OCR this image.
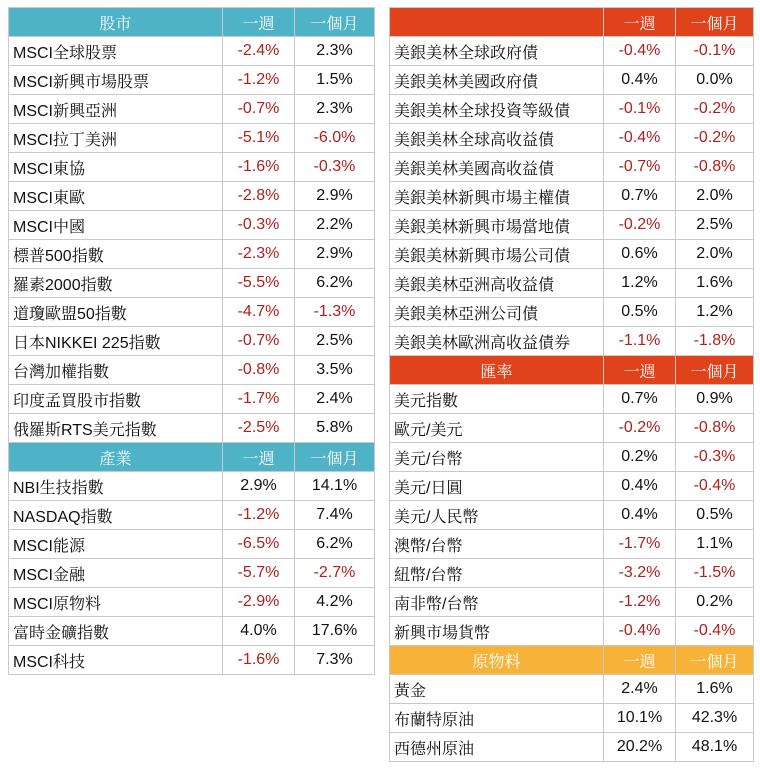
股市	一週	一個月
MSCI全球股票	-2.4%	2.3%
MSCI新興市場股票	-1.2%	1.5%
MSCI新興亞洲	-0.7%	2.3%
MSCI拉丁美洲	-5.1%	-6.0%
MSCI東協	-1.6%	-0.3%
MSCI東歐	-2.8%	2.9%
MSCI中國	-0.3%	2.2%
標普500指數	-2.3%	2.9%
羅素2000指數	-5.5%	6.2%
道瓊歐盟50指數	-4.7%	-1.3%
日本NIKKEI 225指數	-0.7%	2.5%
台灣加權指數	-0.8%	3.5%
印度孟買股市指數	-1.7%	2.4%
俄羅斯RTS美元指數	-2.5%	5.8%
產業	一週	一個月
NBI生技指數	2.9%	14.1%
NASDAQ指數	-1.2%	7.4%
MSCI能源	-6.5%	6.2%
MSCI金融	-5.7%	-2.7%
MSCI原物料	-2.9%	4.2%
富時金礦指數	4.0%	17.6%
MSCI科技	-1.6%	7.3%
	一週	一個月
美銀美林全球政府債	-0.4%	-0.1%
美銀美林美國政府債	0.4%	0.0%
美銀美林全球投資等級債	-0.1%	-0.2%
美銀美林全球高收益債	-0.4%	-0.2%
美銀美林美國高收益債	-0.7%	-0.8%
美銀美林新興市場主權債	0.7%	2.0%
美銀美林新興市場當地債	-0.2%	2.5%
美銀美林新興市場公司債	0.6%	2.0%
美銀美林亞洲高收益債	1.2%	1.6%
美銀美林亞洲公司債	0.5%	1.2%
美銀美林歐洲高收益債券	-1.1%	-1.8%
匯率	一週	一個月
美元指數	0.7%	0.9%
歐元/美元	-0.2%	-0.8%
美元/台幣	0.2%	-0.3%
美元/日圓	0.4%	-0.4%
美元/人民幣	0.4%	0.5%
澳幣/台幣	-1.7%	1.1%
紐幣/台幣	-3.2%	-1.5%
南非幣/台幣	-1.2%	0.2%
新興市場貨幣	-0.4%	-0.4%
原物料	一週	一個月
黃金	2.4%	1.6%
布蘭特原油	10.1%	42.3%
西德州原油	20.2%	48.1%
